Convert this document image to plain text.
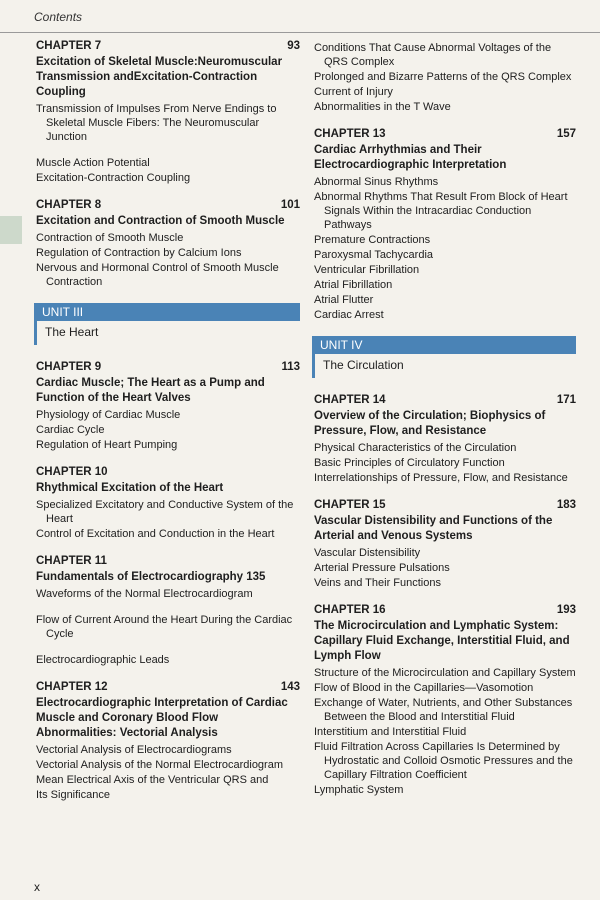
Contents
CHAPTER 7	93
Excitation of Skeletal Muscle:Neuromuscular Transmission andExcitation-Contraction Coupling
Transmission of Impulses From Nerve Endings to Skeletal Muscle Fibers: The Neuromuscular Junction
Muscle Action Potential
Excitation-Contraction Coupling
CHAPTER 8	101
Excitation and Contraction of Smooth Muscle
Contraction of Smooth Muscle
Regulation of Contraction by Calcium Ions
Nervous and Hormonal Control of Smooth Muscle Contraction
UNIT III
The Heart
CHAPTER 9	113
Cardiac Muscle; The Heart as a Pump and Function of the Heart Valves
Physiology of Cardiac Muscle
Cardiac Cycle
Regulation of Heart Pumping
CHAPTER 10
Rhythmical Excitation of the Heart
Specialized Excitatory and Conductive System of the Heart
Control of Excitation and Conduction in the Heart
CHAPTER 11
Fundamentals of Electrocardiography 135
Waveforms of the Normal Electrocardiogram
Flow of Current Around the Heart During the Cardiac Cycle
Electrocardiographic Leads
CHAPTER 12	143
Electrocardiographic Interpretation of Cardiac Muscle and Coronary Blood Flow Abnormalities: Vectorial Analysis
Vectorial Analysis of Electrocardiograms
Vectorial Analysis of the Normal Electrocardiogram
Mean Electrical Axis of the Ventricular QRS and
Its Significance
Conditions That Cause Abnormal Voltages of the QRS Complex
Prolonged and Bizarre Patterns of the QRS Complex
Current of Injury
Abnormalities in the T Wave
CHAPTER 13	157
Cardiac Arrhythmias and Their Electrocardiographic Interpretation
Abnormal Sinus Rhythms
Abnormal Rhythms That Result From Block of Heart Signals Within the Intracardiac Conduction Pathways
Premature Contractions
Paroxysmal Tachycardia
Ventricular Fibrillation
Atrial Fibrillation
Atrial Flutter
Cardiac Arrest
UNIT IV
The Circulation
CHAPTER 14	171
Overview of the Circulation; Biophysics of Pressure, Flow, and Resistance
Physical Characteristics of the Circulation
Basic Principles of Circulatory Function
Interrelationships of Pressure, Flow, and Resistance
CHAPTER 15	183
Vascular Distensibility and Functions of the Arterial and Venous Systems
Vascular Distensibility
Arterial Pressure Pulsations
Veins and Their Functions
CHAPTER 16	193
The Microcirculation and Lymphatic System: Capillary Fluid Exchange, Interstitial Fluid, and Lymph Flow
Structure of the Microcirculation and Capillary System
Flow of Blood in the Capillaries—Vasomotion
Exchange of Water, Nutrients, and Other Substances Between the Blood and Interstitial Fluid
Interstitium and Interstitial Fluid
Fluid Filtration Across Capillaries Is Determined by Hydrostatic and Colloid Osmotic Pressures and the Capillary Filtration Coefficient
Lymphatic System
x
